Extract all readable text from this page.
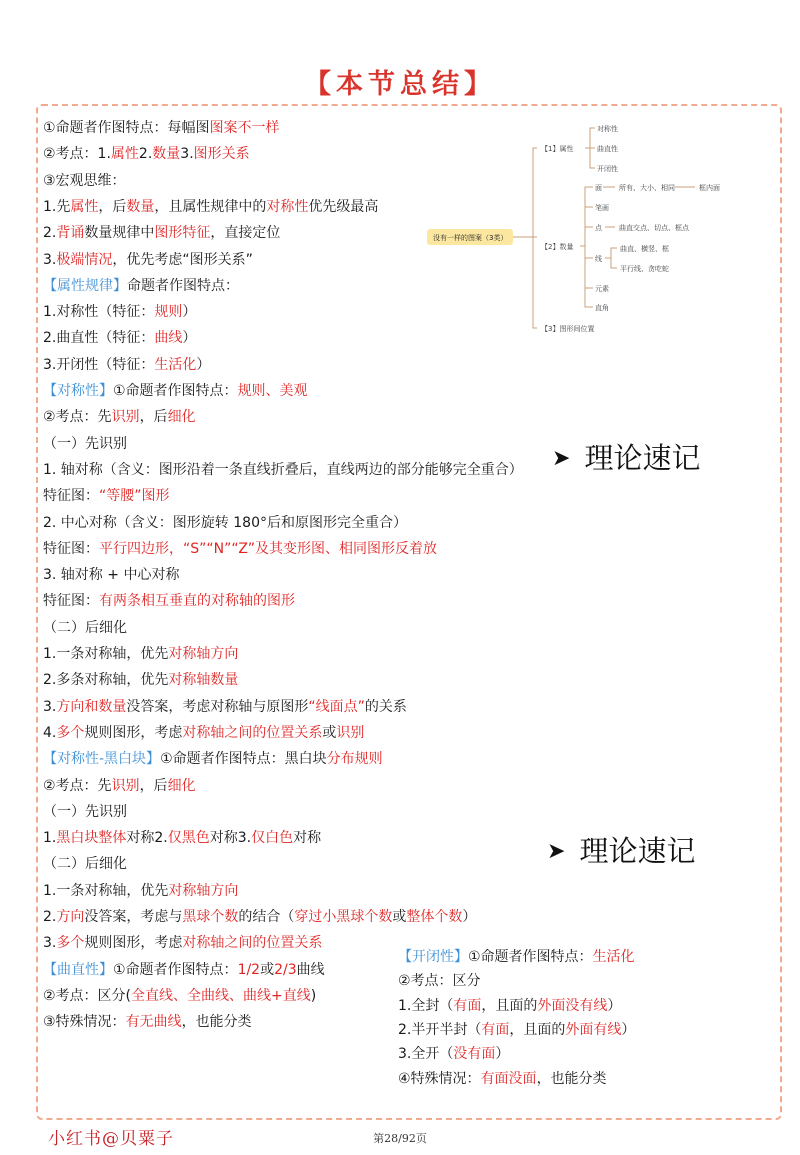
【本节总结】
①命题者作图特点：每幅图图案不一样
②考点：1.属性2.数量3.图形关系
③宏观思维：
1.先属性，后数量，且属性规律中的对称性优先级最高
2.背诵数量规律中图形特征，直接定位
3.极端情况，优先考虑“图形关系”
【属性规律】命题者作图特点：
1.对称性（特征：规则）
2.曲直性（特征：曲线）
3.开闭性（特征：生活化）
【对称性】①命题者作图特点：规则、美观
②考点：先识别，后细化
（一）先识别
1. 轴对称（含义：图形沿着一条直线折叠后，直线两边的部分能够完全重合）
特征图：“等腰”图形
2. 中心对称（含义：图形旋转 180°后和原图形完全重合）
特征图：平行四边形，“S”“N”“Z”及其变形图、相同图形反着放
3. 轴对称 + 中心对称
特征图：有两条相互垂直的对称轴的图形
（二）后细化
1.一条对称轴，优先对称轴方向
2.多条对称轴，优先对称轴数量
3.方向和数量没答案，考虑对称轴与原图形“线面点”的关系
4.多个规则图形，考虑对称轴之间的位置关系或识别
【对称性-黑白块】①命题者作图特点：黑白块分布规则
②考点：先识别，后细化
（一）先识别
1.黑白块整体对称2.仅黑色对称3.仅白色对称
（二）后细化
1.一条对称轴，优先对称轴方向
2.方向没答案，考虑与黑球个数的结合（穿过小黑球个数或整体个数）
3.多个规则图形，考虑对称轴之间的位置关系
【曲直性】①命题者作图特点：1/2或2/3曲线
②考点：区分(全直线、全曲线、曲线+直线)
③特殊情况：有无曲线，也能分类
【开闭性】①命题者作图特点：生活化
②考点：区分
1.全封（有面，且面的外面没有线）
2.半开半封（有面，且面的外面有线）
3.全开（没有面）
④特殊情况：有面没面，也能分类
没有一样的图案（3类）
【1】属性
对称性
曲直性
开闭性
【2】数量
面
笔画
点
线
元素
直角
所有、大小、相同	框内面
曲直交点、切点、框点
曲直、横竖、框
平行线、贪吃蛇
【3】图形间位置
➤ 理论速记
➤ 理论速记
小红书@贝粟子	第28/92页
